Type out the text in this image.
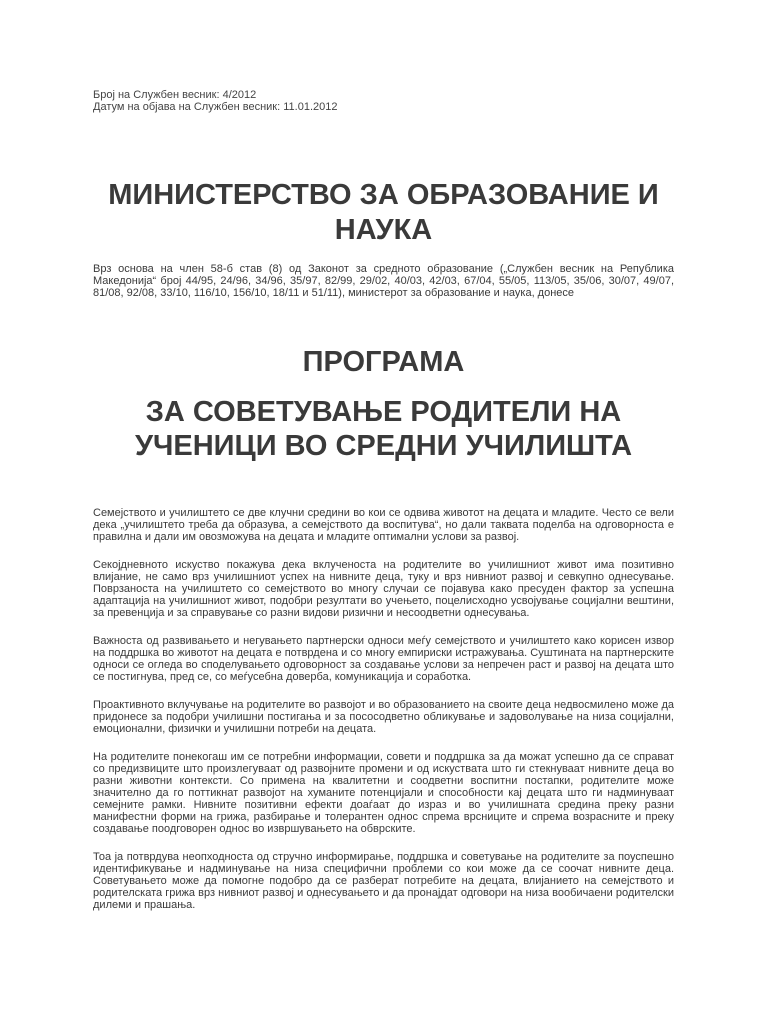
Број на Службен весник: 4/2012
Датум на објава на Службен весник: 11.01.2012
МИНИСТЕРСТВО ЗА ОБРАЗОВАНИЕ И НАУКА
Врз основа на член 58-б став (8) од Законот за средното образование („Службен весник на Република Македонија“ број 44/95, 24/96, 34/96, 35/97, 82/99, 29/02, 40/03, 42/03, 67/04, 55/05, 113/05, 35/06, 30/07, 49/07, 81/08, 92/08, 33/10, 116/10, 156/10, 18/11 и 51/11), министерот за образование и наука, донесе
ПРОГРАМА
ЗА СОВЕТУВАЊЕ РОДИТЕЛИ НА УЧЕНИЦИ ВО СРЕДНИ УЧИЛИШТА

Семејството и училиштето се две клучни средини во кои се одвива животот на децата и младите. Често се вели дека „училиштето треба да образува, а семејството да воспитува“, но дали таквата поделба на одговорноста е правилна и дали им овозможува на децата и младите оптимални услови за развој.

Секојдневното искуство покажува дека вклученоста на родителите во училишниот живот има позитивно влијание, не само врз училишниот успех на нивните деца, туку и врз нивниот развој и севкупно однесување. Поврзаноста на училиштето со семејството во многу случаи се појавува како пресуден фактор за успешна адаптација на училишниот живот, подобри резултати во учењето, поцелисходно усвојување социјални вештини, за превенција и за справување со разни видови ризични и несоодветни однесувања.

Важноста од развивањето и негувањето партнерски односи меѓу семејството и училиштето како корисен извор на поддршка во животот на децата е потврдена и со многу емпириски истражувања. Суштината на партнерските односи се огледа во споделувањето одговорност за создавање услови за непречен раст и развој на децата што се постигнува, пред се, со меѓусебна доверба, комуникација и соработка.

Проактивното вклучување на родителите во развојот и во образованието на своите деца недвосмилено може да придонесе за подобри училишни постигања и за пососодветно обликување и задоволување на низа социјални, емоционални, физички и училишни потреби на децата.

На родителите понекогаш им се потребни информации, совети и поддршка за да можат успешно да се справат со предизвиците што произлегуваат од развојните промени и од искуствата што ги стекнуваат нивните деца во разни животни контексти. Со примена на квалитетни и соодветни воспитни постапки, родителите може значително да го поттикнат развојот на хуманите потенцијали и способности кај децата што ги надминуваат семејните рамки. Нивните позитивни ефекти доаѓаат до израз и во училишната средина преку разни манифестни форми на грижа, разбирање и толерантен однос спрема врсниците и спрема возрасните и преку создавање поодговорен однос во извршувањето на обврските.

Тоа ја потврдува неопходноста од стручно информирање, поддршка и советување на родителите за поуспешно идентификување и надминување на низа специфични проблеми со кои може да се соочат нивните деца. Советувањето може да помогне подобро да се разберат потребите на децата, влијанието на семејството и родителската грижа врз нивниот развој и однесувањето и да пронајдат одговори на низа вообичаени родителски дилеми и прашања.
